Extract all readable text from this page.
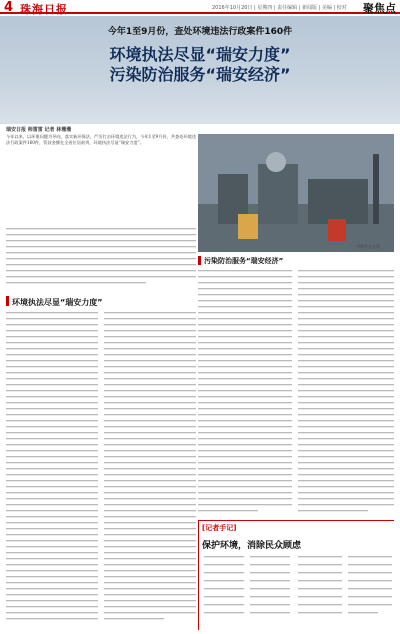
4 珠海日报	2016年10月20日 | 星期四 | 责任编辑 | 新闻版 | 美编 | 校对 聚焦点
今年1至9月份，查处环境违法行政案件160件
环境执法尽显“瑞安力度”
污染防治服务“瑞安经济”
瑞安日报 师雷雷 记者 林珊珊
今年以来，以环保问题为导向，落实新环保法，严厉打击环境违法行为，今年1至9月份，共查处环境违法行政案件160件，罚款金额在全省位居前列，环境执法尽显“瑞安力度”。
环境执法尽显“瑞安力度”
韦德奇总先锋
污染防治服务“瑞安经济”
[记者手记]
保护环境，消除民众顾虑
